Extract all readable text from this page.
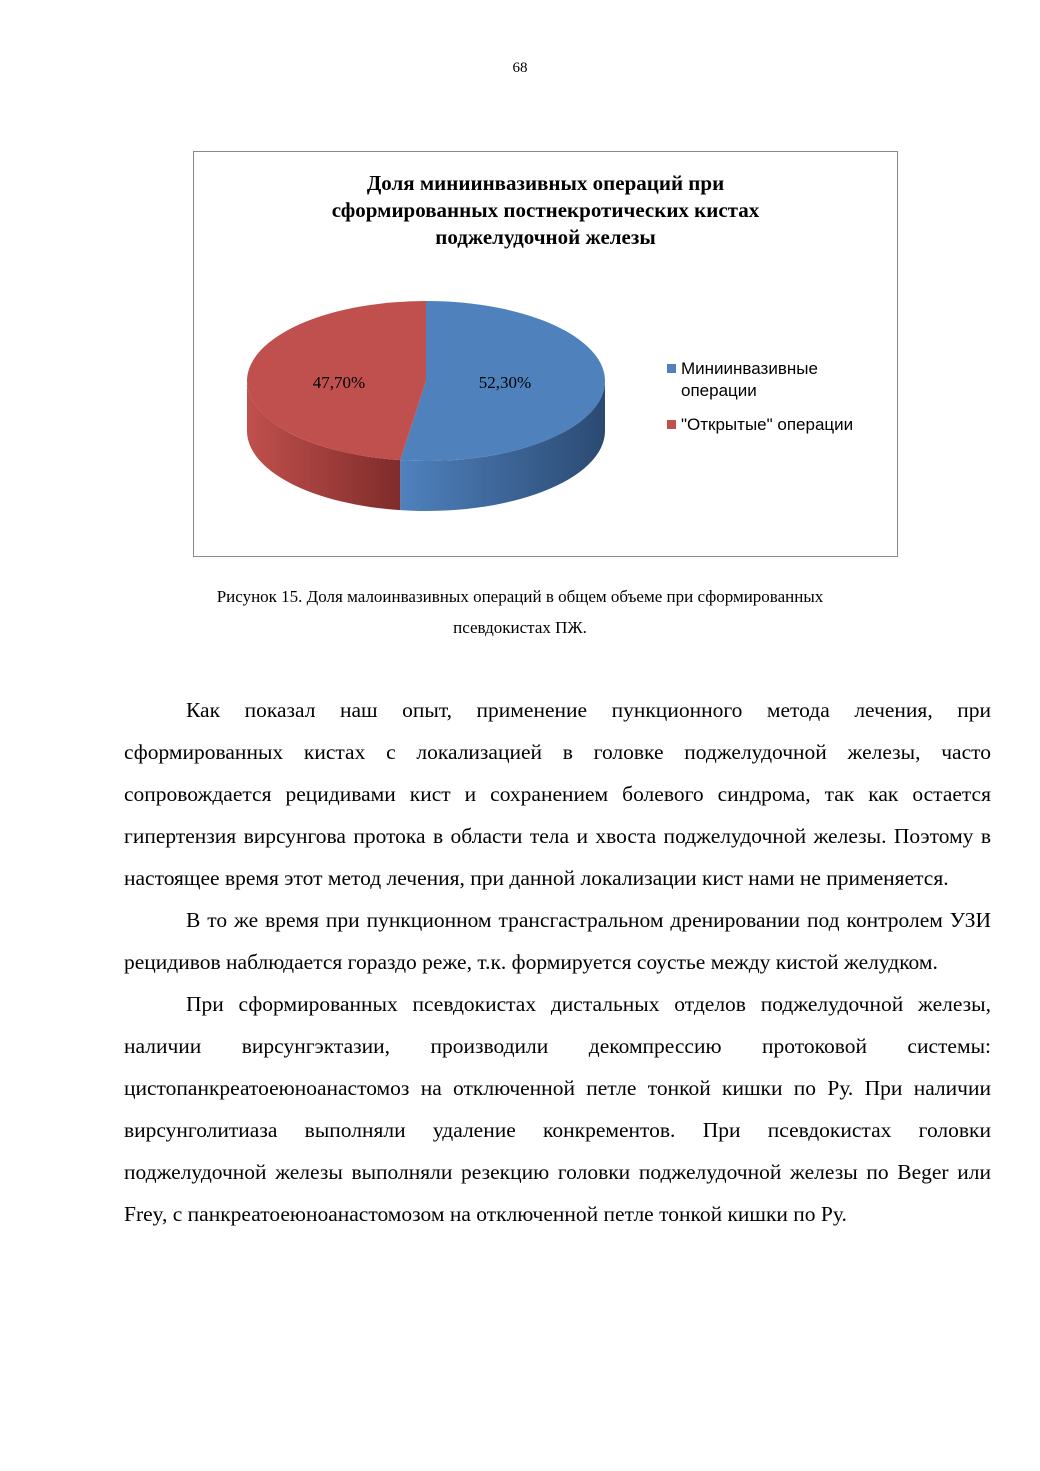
68
Доля миниинвазивных операций при
сформированных постнекротических кистах
поджелудочной железы
52,30%
47,70%
Миниинвазивные
операции
"Открытые" операции

Рисунок 15. Доля малоинвазивных операций в общем объеме при сформированных
псевдокистах ПЖ.

Как показал наш опыт, применение пункционного метода лечения, при сформированных кистах с локализацией в головке поджелудочной железы, часто сопровождается рецидивами кист и сохранением болевого синдрома, так как остается гипертензия вирсунгова протока в области тела и хвоста поджелудочной железы. Поэтому в настоящее время этот метод лечения, при данной локализации кист нами не применяется.

В то же время при пункционном трансгастральном дренировании под контролем УЗИ рецидивов наблюдается гораздо реже, т.к. формируется соустье между кистой желудком.

При сформированных псевдокистах дистальных отделов поджелудочной железы, наличии вирсунгэктазии, производили декомпрессию протоковой системы: цистопанкреатоеюноанастомоз на отключенной петле тонкой кишки по Ру. При наличии вирсунголитиаза выполняли удаление конкрементов. При псевдокистах головки поджелудочной железы выполняли резекцию головки поджелудочной железы по Beger или Frey, с панкреатоеюноанастомозом на отключенной петле тонкой кишки по Ру.
